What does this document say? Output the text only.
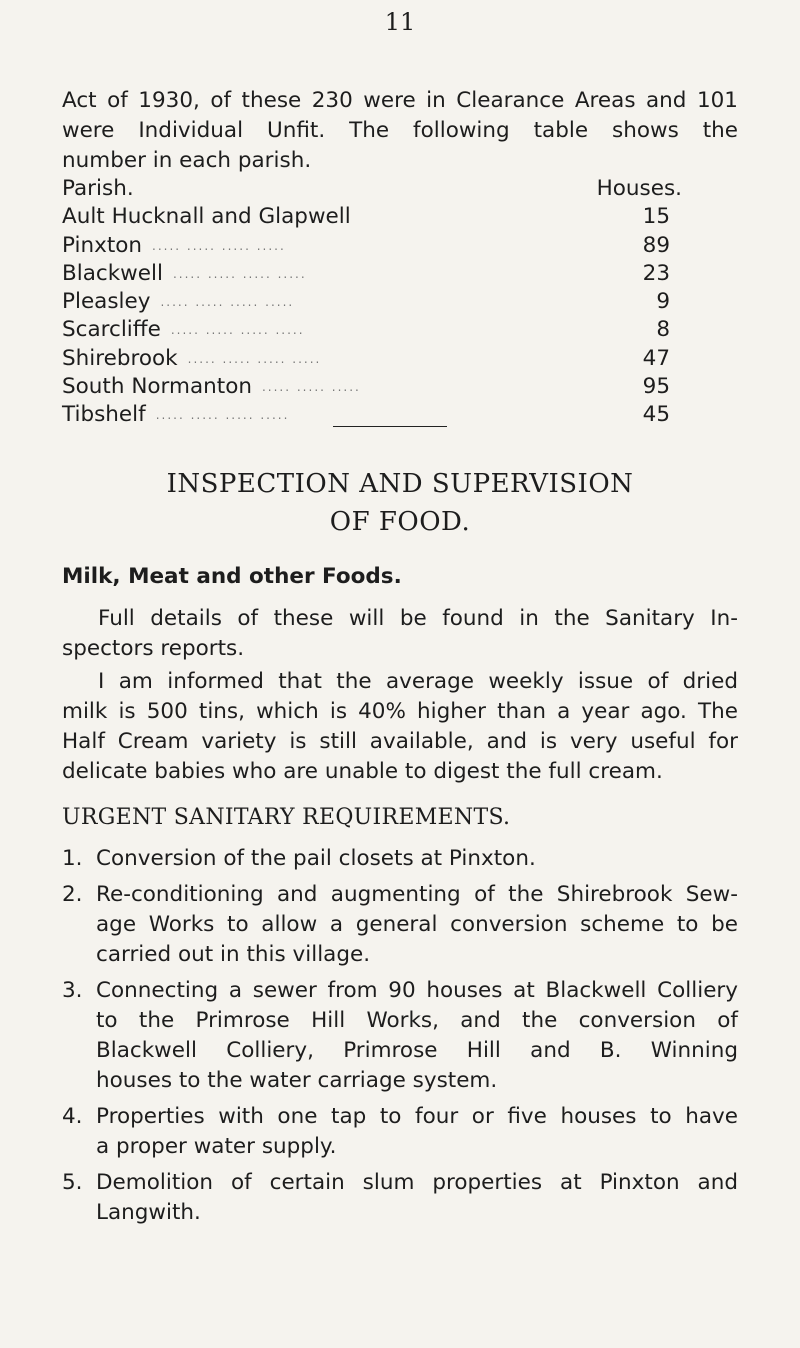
11
Act of 1930, of these 230 were in Clearance Areas and 101
were Individual Unfit. The following table shows the
number in each parish.
Parish.	Houses.
Ault Hucknall and Glapwell	15
Pinxton ..... ..... ..... .....	89
Blackwell ..... ..... ..... .....	23
Pleasley ..... ..... ..... .....	9
Scarcliffe ..... ..... ..... .....	8
Shirebrook ..... ..... ..... .....	47
South Normanton ..... ..... .....	95
Tibshelf ..... ..... ..... .....	45
INSPECTION AND SUPERVISION
OF FOOD.
Milk, Meat and other Foods.
Full details of these will be found in the Sanitary In-
spectors reports.
I am informed that the average weekly issue of dried
milk is 500 tins, which is 40% higher than a year ago. The
Half Cream variety is still available, and is very useful for
delicate babies who are unable to digest the full cream.
URGENT SANITARY REQUIREMENTS.
1. Conversion of the pail closets at Pinxton.
2. Re-conditioning and augmenting of the Shirebrook Sew-
age Works to allow a general conversion scheme to be
carried out in this village.
3. Connecting a sewer from 90 houses at Blackwell Colliery
to the Primrose Hill Works, and the conversion of
Blackwell Colliery, Primrose Hill and B. Winning
houses to the water carriage system.
4. Properties with one tap to four or five houses to have
a proper water supply.
5. Demolition of certain slum properties at Pinxton and
Langwith.
